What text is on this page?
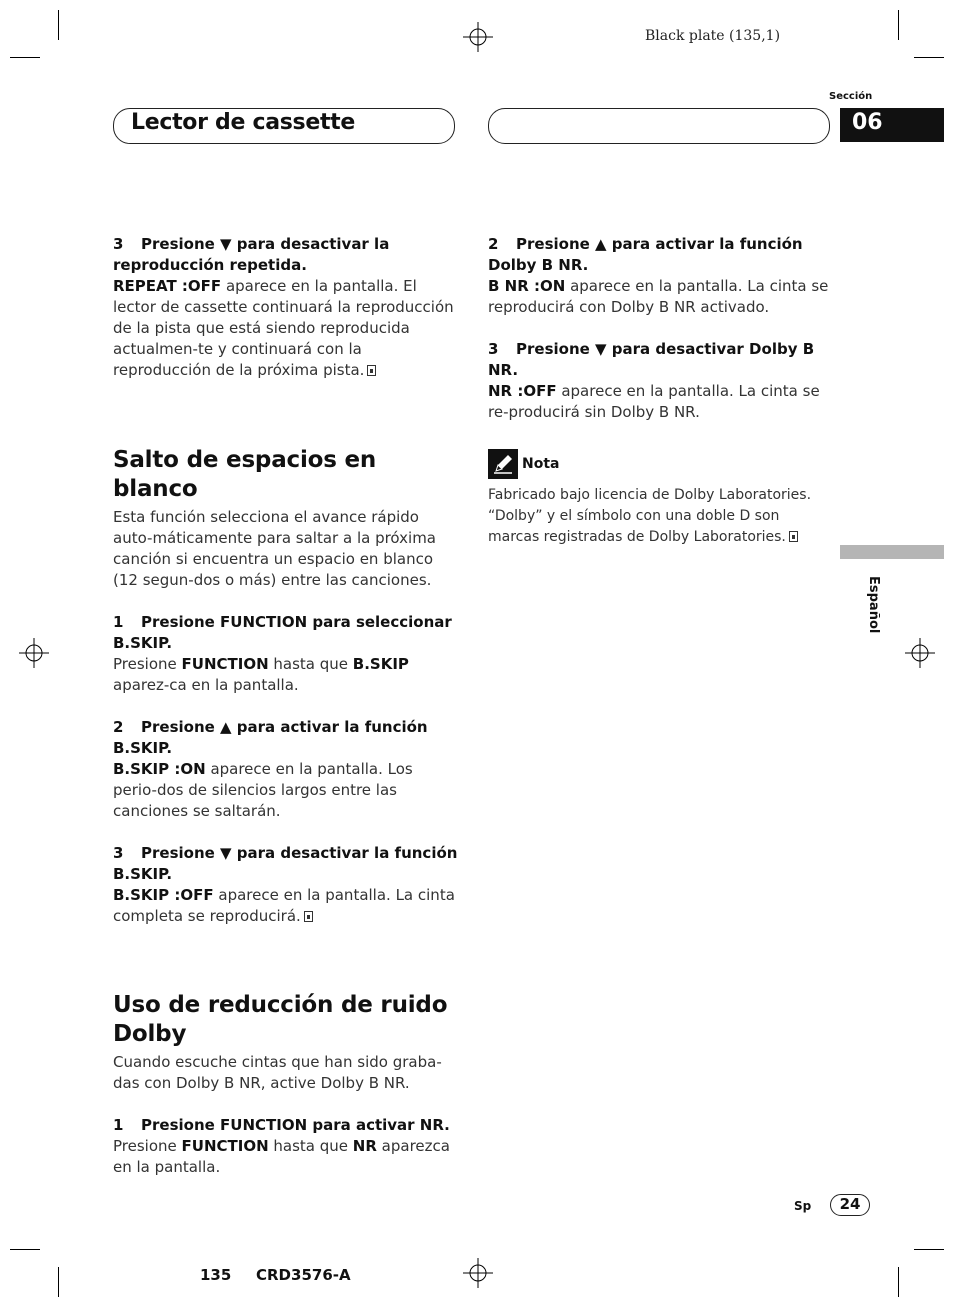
Black plate (135,1)
Lector de cassette
Sección
06
3 Presione ▼ para desactivar la reproducción repetida.
REPEAT :OFF aparece en la pantalla. El lector de cassette continuará la reproducción de la pista que está siendo reproducida actualmen-te y continuará con la reproducción de la próxima pista.
Salto de espacios en blanco
Esta función selecciona el avance rápido auto-máticamente para saltar a la próxima canción si encuentra un espacio en blanco (12 segun-dos o más) entre las canciones.
1 Presione FUNCTION para seleccionar B.SKIP.
Presione FUNCTION hasta que B.SKIP aparez-ca en la pantalla.
2 Presione ▲ para activar la función B.SKIP.
B.SKIP :ON aparece en la pantalla. Los perio-dos de silencios largos entre las canciones se saltarán.
3 Presione ▼ para desactivar la función B.SKIP.
B.SKIP :OFF aparece en la pantalla. La cinta completa se reproducirá.
Uso de reducción de ruido Dolby
Cuando escuche cintas que han sido graba-das con Dolby B NR, active Dolby B NR.
1 Presione FUNCTION para activar NR.
Presione FUNCTION hasta que NR aparezca en la pantalla.
2 Presione ▲ para activar la función Dolby B NR.
B NR :ON aparece en la pantalla. La cinta se reproducirá con Dolby B NR activado.
3 Presione ▼ para desactivar Dolby B NR.
NR :OFF aparece en la pantalla. La cinta se re-producirá sin Dolby B NR.
Nota
Fabricado bajo licencia de Dolby Laboratories. “Dolby” y el símbolo con una doble D son marcas registradas de Dolby Laboratories.
Español
Sp	24
135 CRD3576-A
